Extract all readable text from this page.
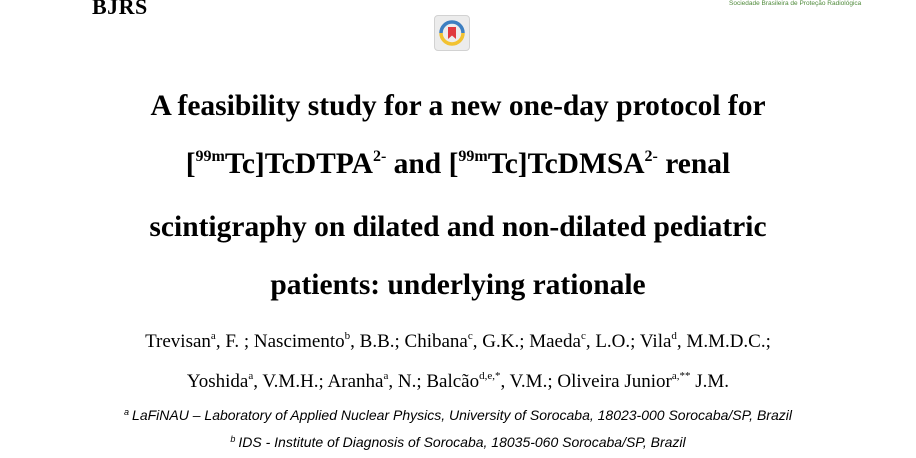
BJRS	Sociedade Brasileira de Proteção Radiológica
A feasibility study for a new one-day protocol for
[$^{99m}$Tc]TcDTPA$^{2-}$ and [$^{99m}$Tc]TcDMSA$^{2-}$ renal
scintigraphy on dilated and non-dilated pediatric
patients: underlying rationale
Trevisan$^a$, F. ; Nascimento$^b$, B.B.; Chibana$^c$, G.K.; Maeda$^c$, L.O.; Vila$^d$, M.M.D.C.;
Yoshida$^a$, V.M.H.; Aranha$^a$, N.; Balcão$^{d,e,*}$, V.M.; Oliveira Junior$^{a,**}$ J.M.
$^a$ LaFiNAU – Laboratory of Applied Nuclear Physics, University of Sorocaba, 18023-000 Sorocaba/SP, Brazil
$^b$ IDS - Institute of Diagnosis of Sorocaba, 18035-060 Sorocaba/SP, Brazil
